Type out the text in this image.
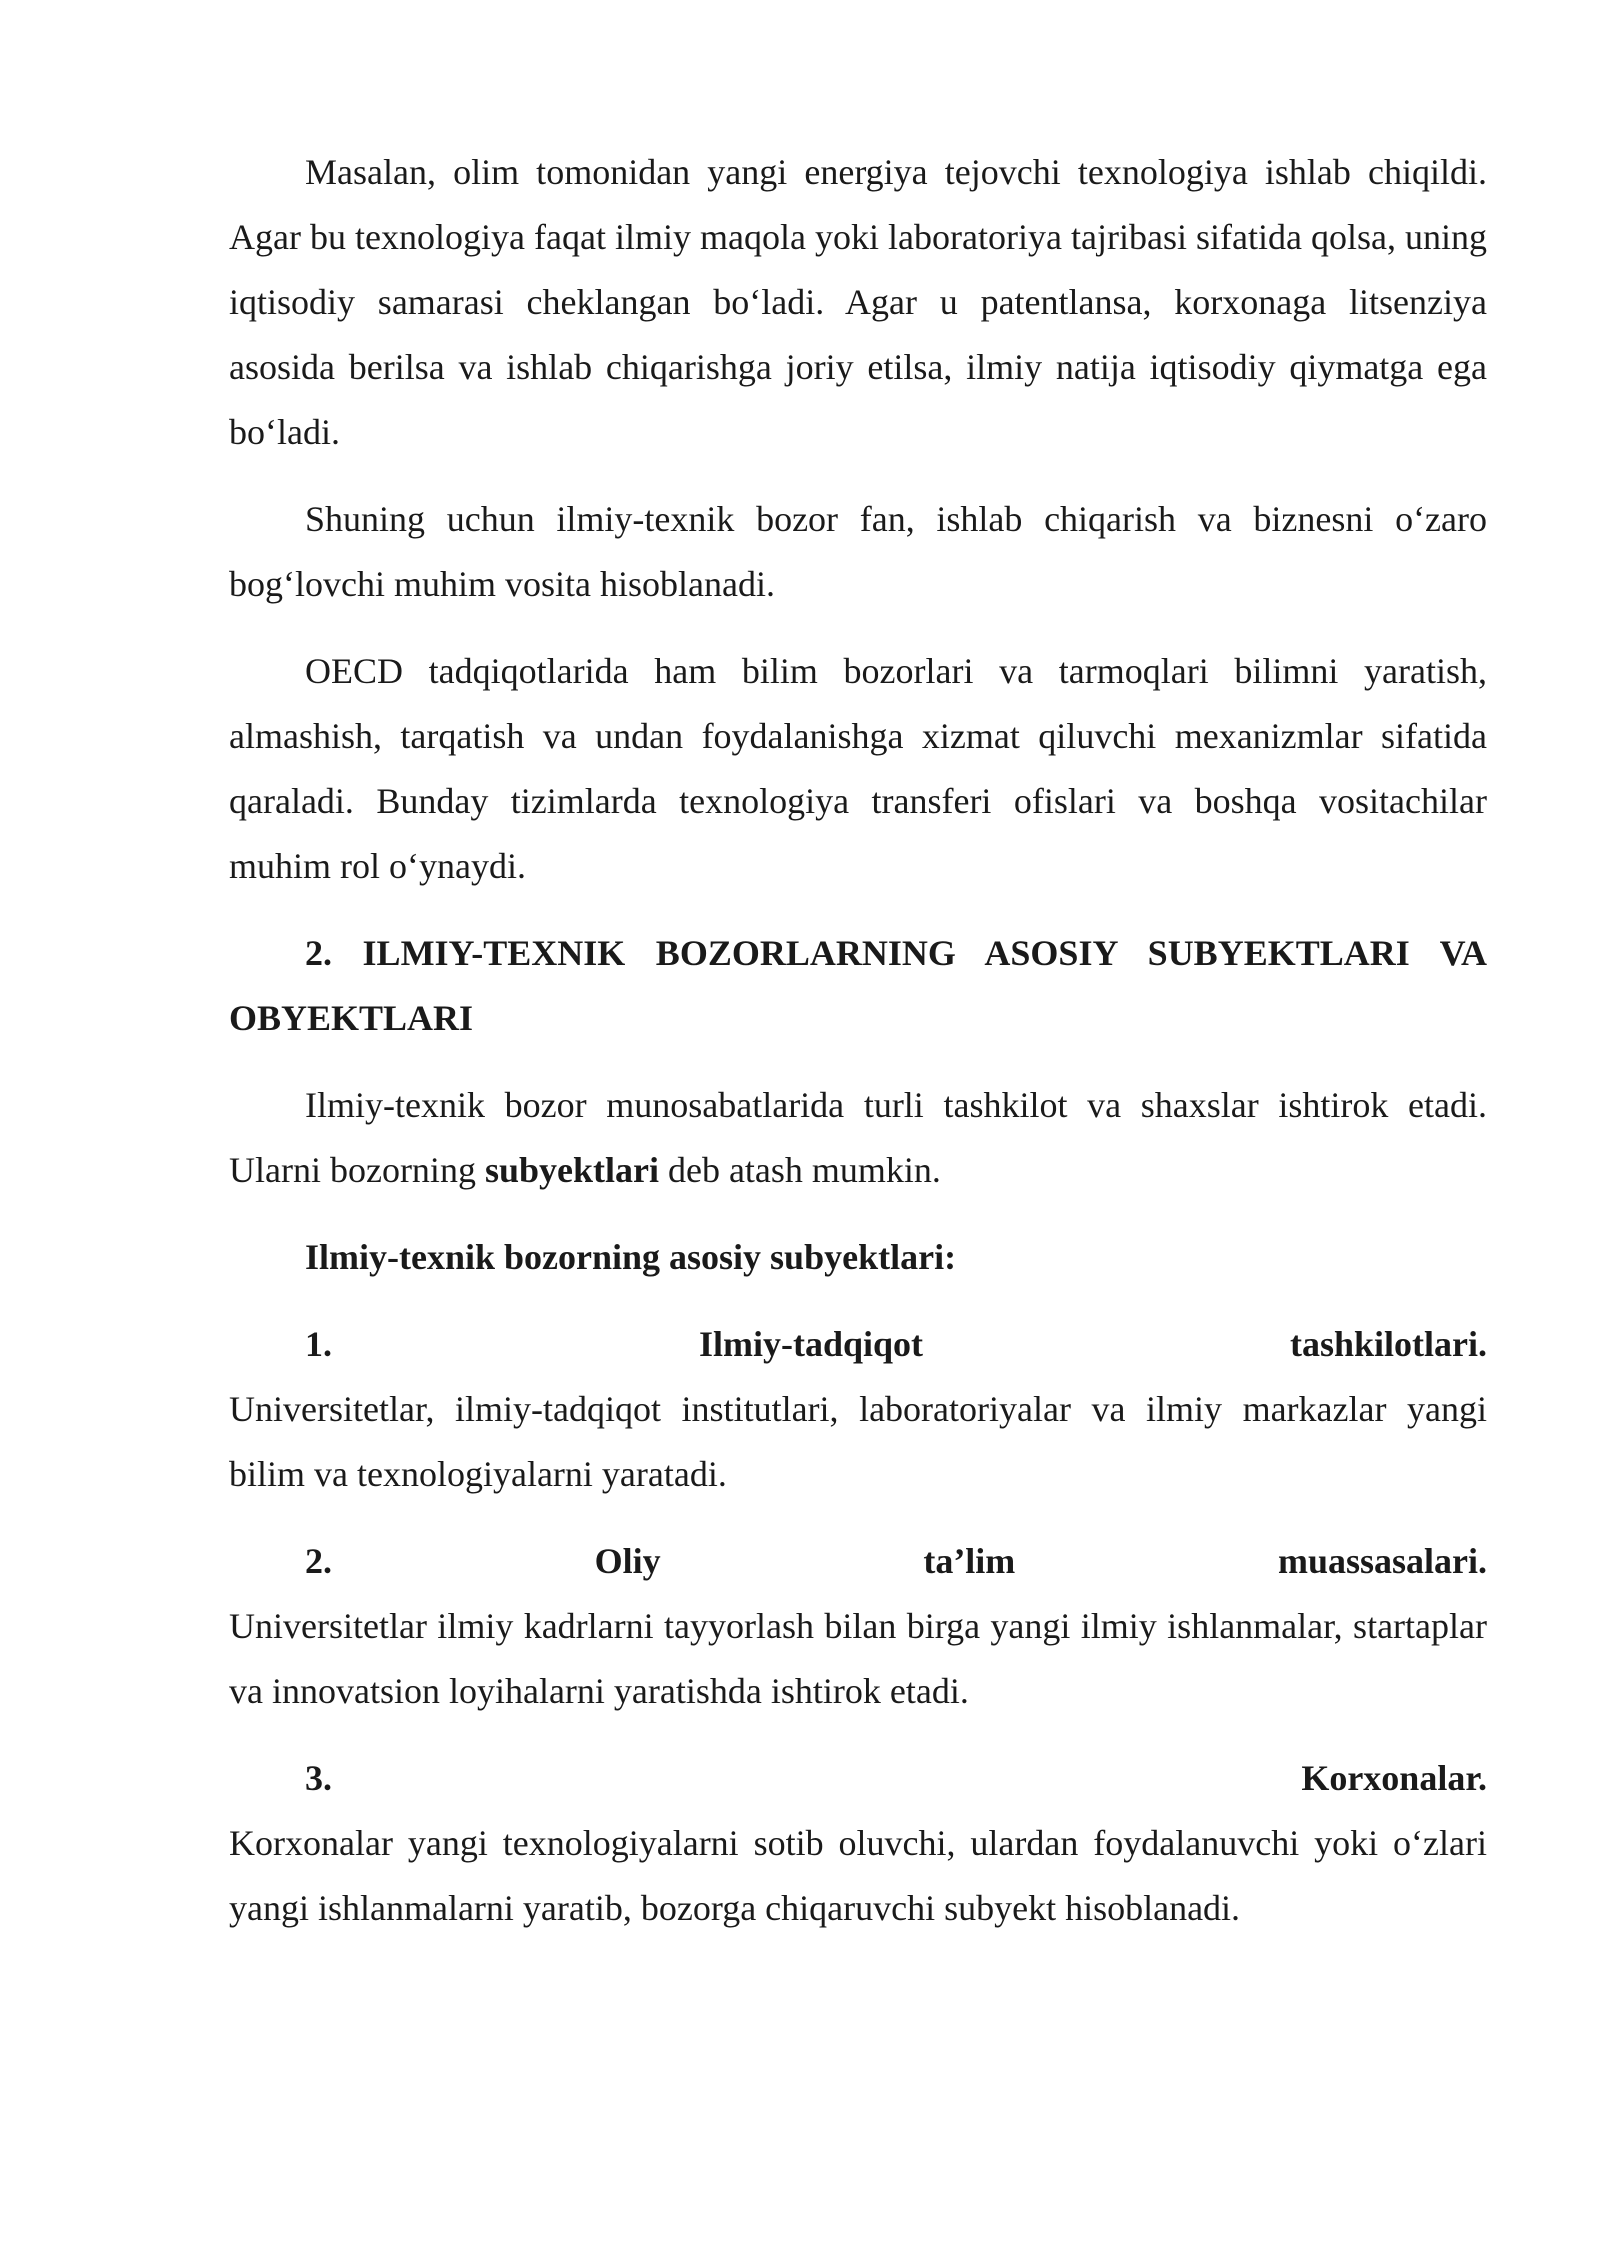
Masalan, olim tomonidan yangi energiya tejovchi texnologiya ishlab chiqildi. Agar bu texnologiya faqat ilmiy maqola yoki laboratoriya tajribasi sifatida qolsa, uning iqtisodiy samarasi cheklangan bo‘ladi. Agar u patentlansa, korxonaga litsenziya asosida berilsa va ishlab chiqarishga joriy etilsa, ilmiy natija iqtisodiy qiymatga ega bo‘ladi.

Shuning uchun ilmiy-texnik bozor fan, ishlab chiqarish va biznesni o‘zaro bog‘lovchi muhim vosita hisoblanadi.

OECD tadqiqotlarida ham bilim bozorlari va tarmoqlari bilimni yaratish, almashish, tarqatish va undan foydalanishga xizmat qiluvchi mexanizmlar sifatida qaraladi. Bunday tizimlarda texnologiya transferi ofislari va boshqa vositachilar muhim rol o‘ynaydi.

2. ILMIY-TEXNIK BOZORLARNING ASOSIY SUBYEKTLARI VA OBYEKTLARI

Ilmiy-texnik bozor munosabatlarida turli tashkilot va shaxslar ishtirok etadi. Ularni bozorning subyektlari deb atash mumkin.

Ilmiy-texnik bozorning asosiy subyektlari:

1.	Ilmiy-tadqiqot	tashkilotlari.
Universitetlar, ilmiy-tadqiqot institutlari, laboratoriyalar va ilmiy markazlar yangi bilim va texnologiyalarni yaratadi.
2.	Oliy	ta’lim	muassasalari.
Universitetlar ilmiy kadrlarni tayyorlash bilan birga yangi ilmiy ishlanmalar, startaplar va innovatsion loyihalarni yaratishda ishtirok etadi.
3.	Korxonalar.
Korxonalar yangi texnologiyalarni sotib oluvchi, ulardan foydalanuvchi yoki o‘zlari yangi ishlanmalarni yaratib, bozorga chiqaruvchi subyekt hisoblanadi.
